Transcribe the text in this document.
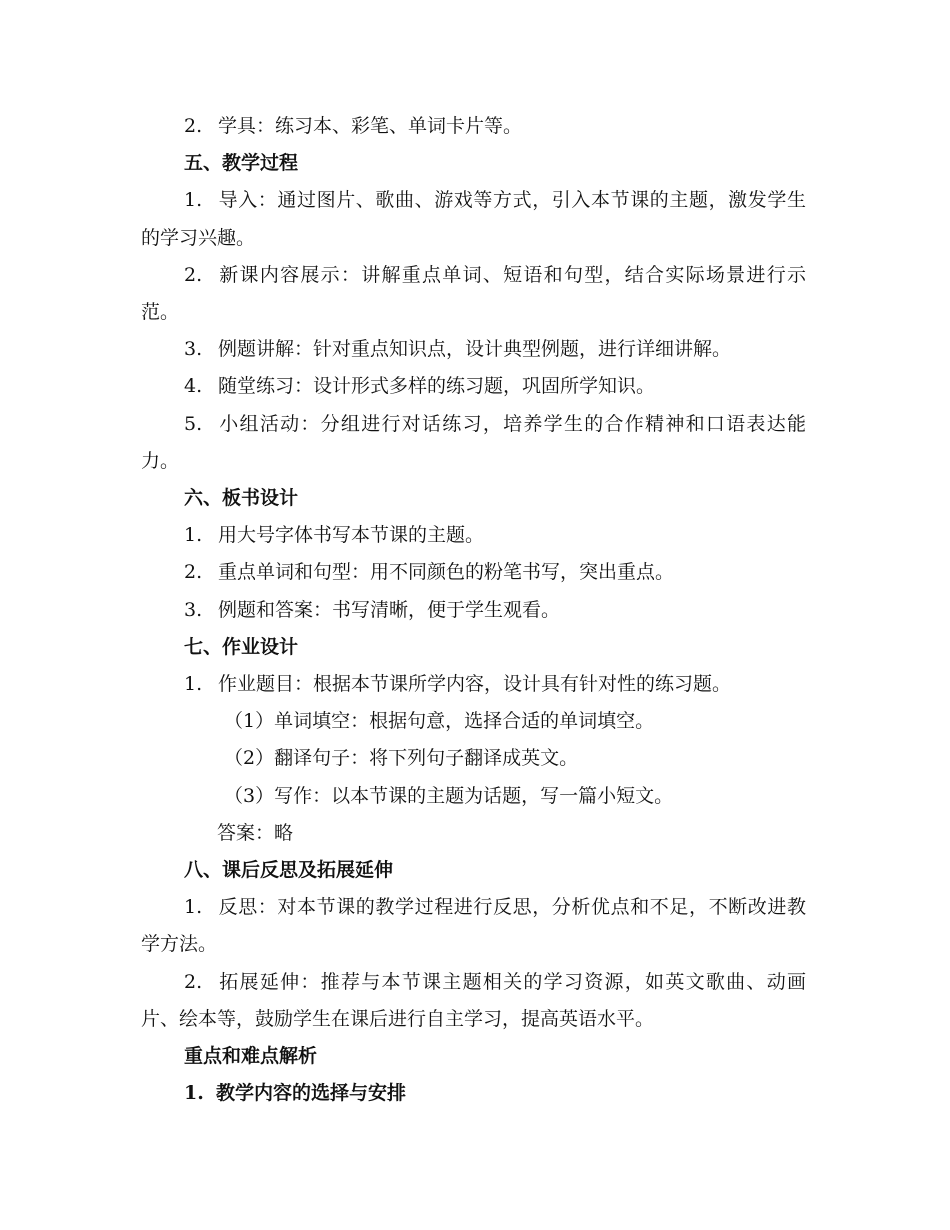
2. 学具：练习本、彩笔、单词卡片等。

五、教学过程

1. 导入：通过图片、歌曲、游戏等方式，引入本节课的主题，激发学生的学习兴趣。

2. 新课内容展示：讲解重点单词、短语和句型，结合实际场景进行示范。

3. 例题讲解：针对重点知识点，设计典型例题，进行详细讲解。

4. 随堂练习：设计形式多样的练习题，巩固所学知识。

5. 小组活动：分组进行对话练习，培养学生的合作精神和口语表达能力。

六、板书设计

1. 用大号字体书写本节课的主题。

2. 重点单词和句型：用不同颜色的粉笔书写，突出重点。

3. 例题和答案：书写清晰，便于学生观看。

七、作业设计

1. 作业题目：根据本节课所学内容，设计具有针对性的练习题。

（1）单词填空：根据句意，选择合适的单词填空。

（2）翻译句子：将下列句子翻译成英文。

（3）写作：以本节课的主题为话题，写一篇小短文。

答案：略

八、课后反思及拓展延伸

1. 反思：对本节课的教学过程进行反思，分析优点和不足，不断改进教学方法。

2. 拓展延伸：推荐与本节课主题相关的学习资源，如英文歌曲、动画片、绘本等，鼓励学生在课后进行自主学习，提高英语水平。

重点和难点解析

1. 教学内容的选择与安排
